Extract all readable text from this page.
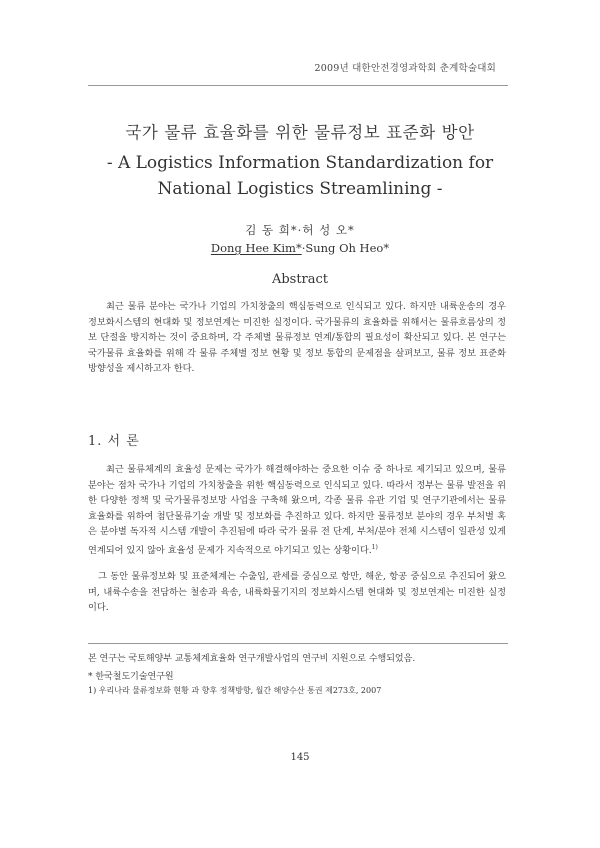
2009년 대한안전경영과학회 춘계학술대회
국가 물류 효율화를 위한 물류정보 표준화 방안
- A Logistics Information Standardization for
National Logistics Streamlining -
김 동 희*·허 성 오*
Dong Hee Kim*·Sung Oh Heo*
Abstract
최근 물류 분야는 국가나 기업의 가치창출의 핵심동력으로 인식되고 있다. 하지만 내륙운송의 경우 정보화시스템의 현대화 및 정보연계는 미진한 실정이다. 국가물류의 효율화를 위해서는 물류흐름상의 정보 단절을 방지하는 것이 중요하며, 각 주체별 물류정보 연계/통합의 필요성이 확산되고 있다. 본 연구는 국가물류 효율화를 위해 각 물류 주체별 정보 현황 및 정보 통합의 문제점을 살펴보고, 물류 정보 표준화 방향성을 제시하고자 한다.
1. 서 론
최근 물류체계의 효율성 문제는 국가가 해결해야하는 중요한 이슈 중 하나로 제기되고 있으며, 물류분야는 점차 국가나 기업의 가치창출을 위한 핵심동력으로 인식되고 있다. 따라서 정부는 물류 발전을 위한 다양한 정책 및 국가물류정보망 사업을 구축해 왔으며, 각종 물류 유관 기업 및 연구기관에서는 물류 효율화를 위하여 첨단물류기술 개발 및 정보화를 추진하고 있다. 하지만 물류정보 분야의 경우 부처별 혹은 분야별 독자적 시스템 개발이 추진됨에 따라 국가 물류 전 단계, 부처/분야 전체 시스템이 일관성 있게 연계되어 있지 않아 효율성 문제가 지속적으로 야기되고 있는 상황이다.$^{1)}$
그 동안 물류정보화 및 표준체계는 수출입, 관세를 중심으로 항만, 해운, 항공 중심으로 추진되어 왔으며, 내륙수송을 전담하는 철송과 육송, 내륙화물기지의 정보화시스템 현대화 및 정보연계는 미진한 실정이다.
본 연구는 국토해양부 교통체계효율화 연구개발사업의 연구비 지원으로 수행되었음.
* 한국철도기술연구원
1) 우리나라 물류정보화 현황 과 향후 정책방향, 월간 해양수산 통권 제273호, 2007
145
